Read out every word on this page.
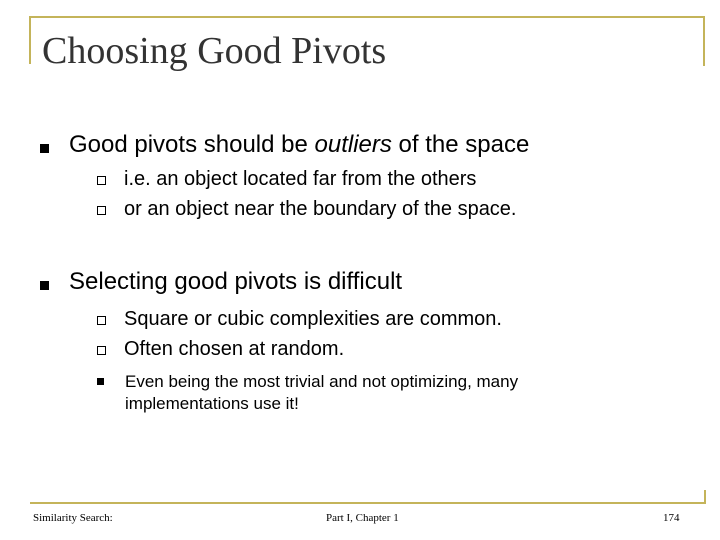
Choosing Good Pivots
Good pivots should be outliers of the space
i.e. an object located far from the others
or an object near the boundary of the space.
Selecting good pivots is difficult
Square or cubic complexities are common.
Often chosen at random.
Even being the most trivial and not optimizing, many
implementations use it!
Similarity Search:	Part I, Chapter 1	174
